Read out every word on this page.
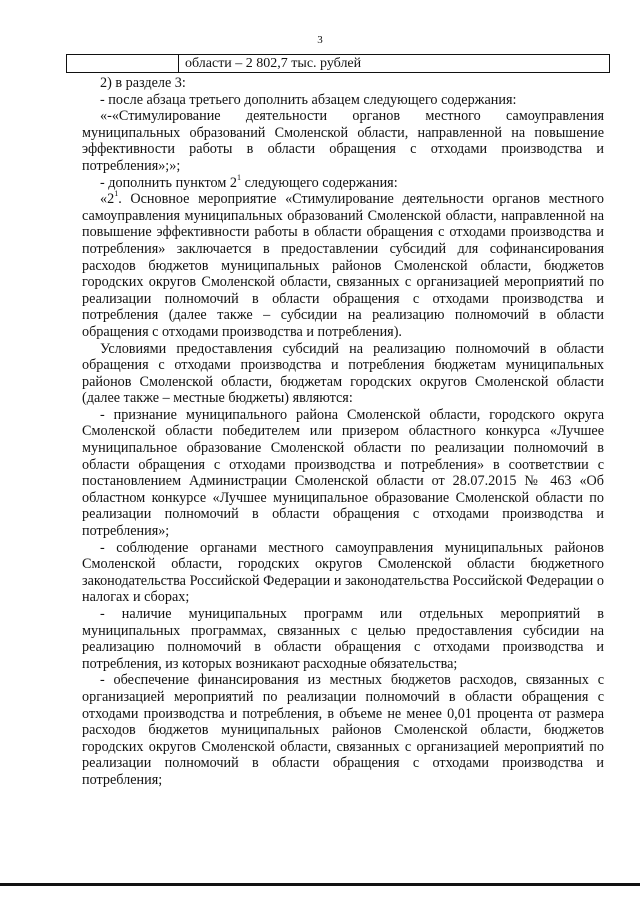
3
области – 2 802,7 тыс. рублей

2) в разделе 3:

- после абзаца третьего дополнить абзацем следующего содержания:

«-«Стимулирование деятельности органов местного самоуправления муниципальных образований Смоленской области, направленной на повышение эффективности работы в области обращения с отходами производства и потребления»;»;

- дополнить пунктом $2^1$ следующего содержания:

«$2^1$. Основное мероприятие «Стимулирование деятельности органов местного самоуправления муниципальных образований Смоленской области, направленной на повышение эффективности работы в области обращения с отходами производства и потребления» заключается в предоставлении субсидий для софинансирования расходов бюджетов муниципальных районов Смоленской области, бюджетов городских округов Смоленской области, связанных с организацией мероприятий по реализации полномочий в области обращения с отходами производства и потребления (далее также – субсидии на реализацию полномочий в области обращения с отходами производства и потребления).

Условиями предоставления субсидий на реализацию полномочий в области обращения с отходами производства и потребления бюджетам муниципальных районов Смоленской области, бюджетам городских округов Смоленской области (далее также – местные бюджеты) являются:

- признание муниципального района Смоленской области, городского округа Смоленской области победителем или призером областного конкурса «Лучшее муниципальное образование Смоленской области по реализации полномочий в области обращения с отходами производства и потребления» в соответствии с постановлением Администрации Смоленской области от 28.07.2015 № 463 «Об областном конкурсе «Лучшее муниципальное образование Смоленской области по реализации полномочий в области обращения с отходами производства и потребления»;

- соблюдение органами местного самоуправления муниципальных районов Смоленской области, городских округов Смоленской области бюджетного законодательства Российской Федерации и законодательства Российской Федерации о налогах и сборах;

- наличие муниципальных программ или отдельных мероприятий в муниципальных программах, связанных с целью предоставления субсидии на реализацию полномочий в области обращения с отходами производства и потребления, из которых возникают расходные обязательства;

- обеспечение финансирования из местных бюджетов расходов, связанных с организацией мероприятий по реализации полномочий в области обращения с отходами производства и потребления, в объеме не менее 0,01 процента от размера расходов бюджетов муниципальных районов Смоленской области, бюджетов городских округов Смоленской области, связанных с организацией мероприятий по реализации полномочий в области обращения с отходами производства и потребления;
